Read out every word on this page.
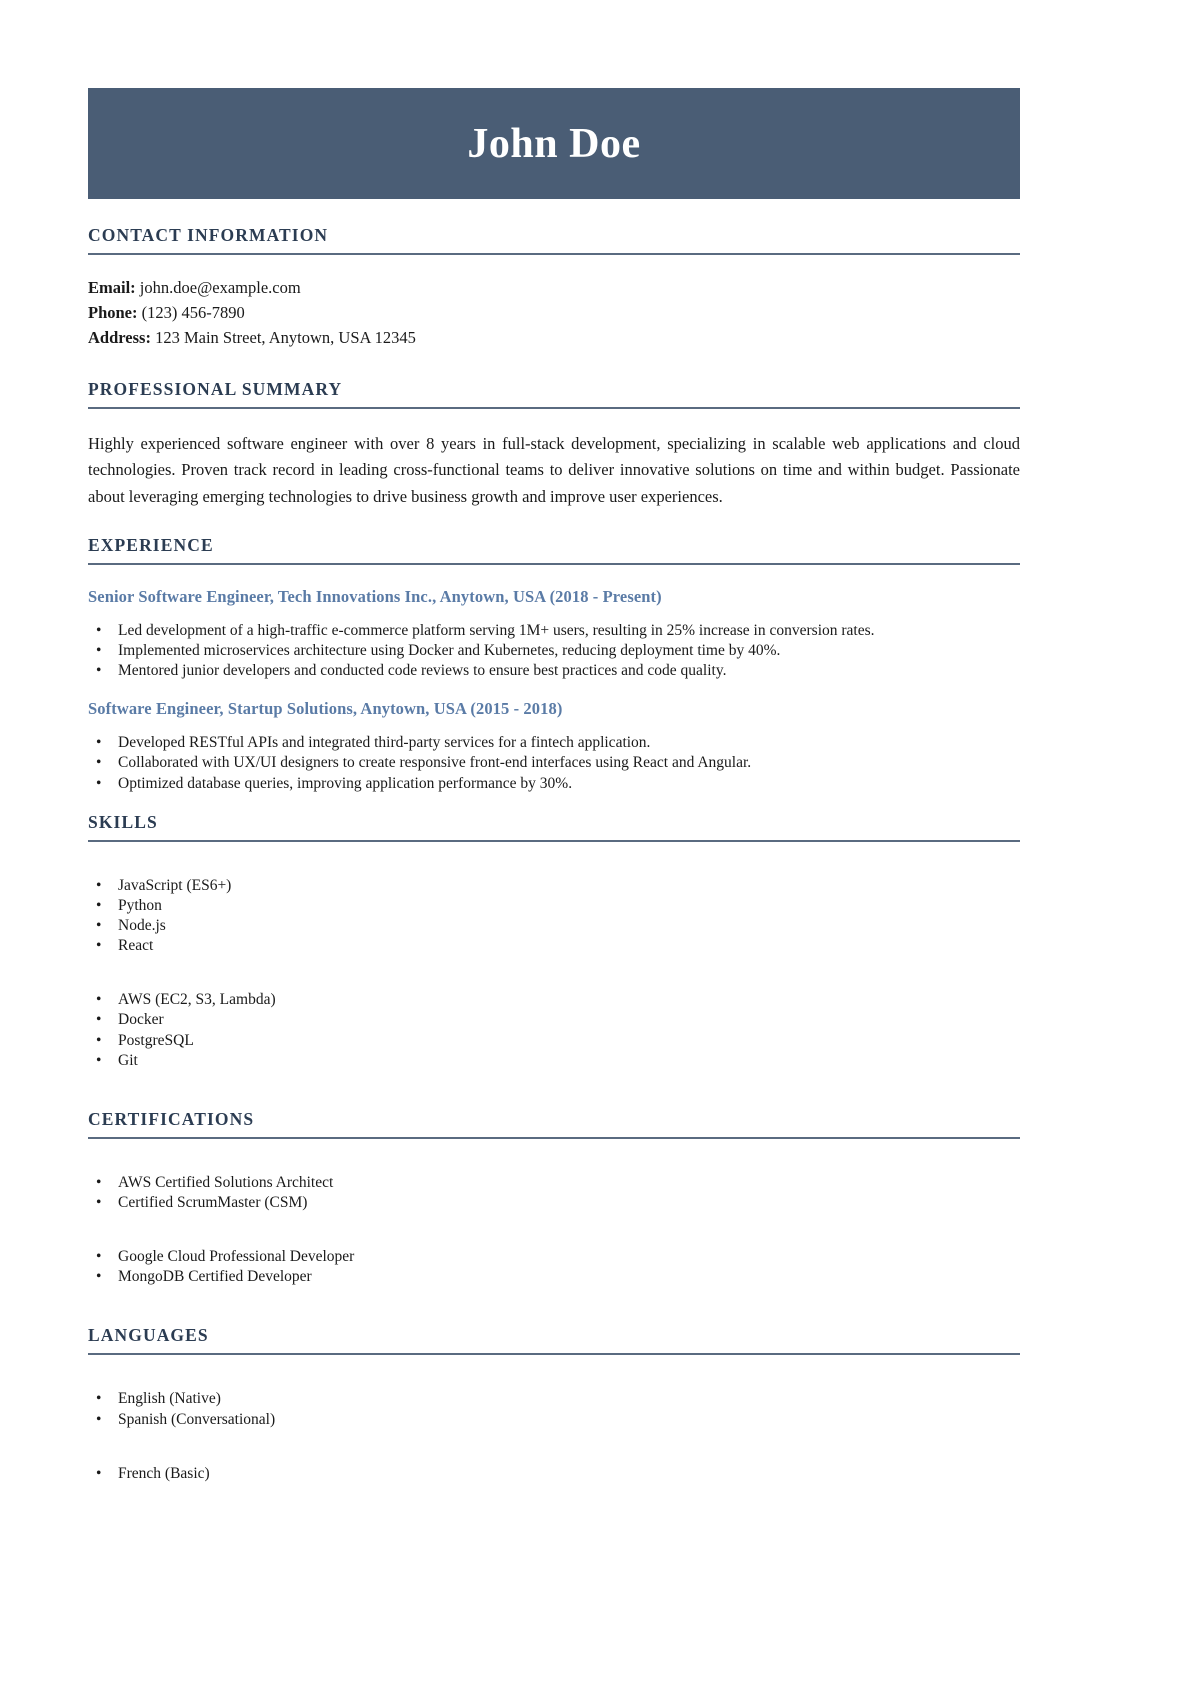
John Doe
CONTACT INFORMATION
Email: john.doe@example.com
Phone: (123) 456-7890
Address: 123 Main Street, Anytown, USA 12345
PROFESSIONAL SUMMARY
Highly experienced software engineer with over 8 years in full-stack development, specializing in scalable web applications and cloud technologies. Proven track record in leading cross-functional teams to deliver innovative solutions on time and within budget. Passionate about leveraging emerging technologies to drive business growth and improve user experiences.
EXPERIENCE
Senior Software Engineer, Tech Innovations Inc., Anytown, USA (2018 - Present)
• Led development of a high-traffic e-commerce platform serving 1M+ users, resulting in 25% increase in conversion rates.
• Implemented microservices architecture using Docker and Kubernetes, reducing deployment time by 40%.
• Mentored junior developers and conducted code reviews to ensure best practices and code quality.
Software Engineer, Startup Solutions, Anytown, USA (2015 - 2018)
• Developed RESTful APIs and integrated third-party services for a fintech application.
• Collaborated with UX/UI designers to create responsive front-end interfaces using React and Angular.
• Optimized database queries, improving application performance by 30%.
SKILLS
• JavaScript (ES6+)
• Python
• Node.js
• React
• AWS (EC2, S3, Lambda)
• Docker
• PostgreSQL
• Git
CERTIFICATIONS
• AWS Certified Solutions Architect
• Certified ScrumMaster (CSM)
• Google Cloud Professional Developer
• MongoDB Certified Developer
LANGUAGES
• English (Native)
• Spanish (Conversational)
• French (Basic)
